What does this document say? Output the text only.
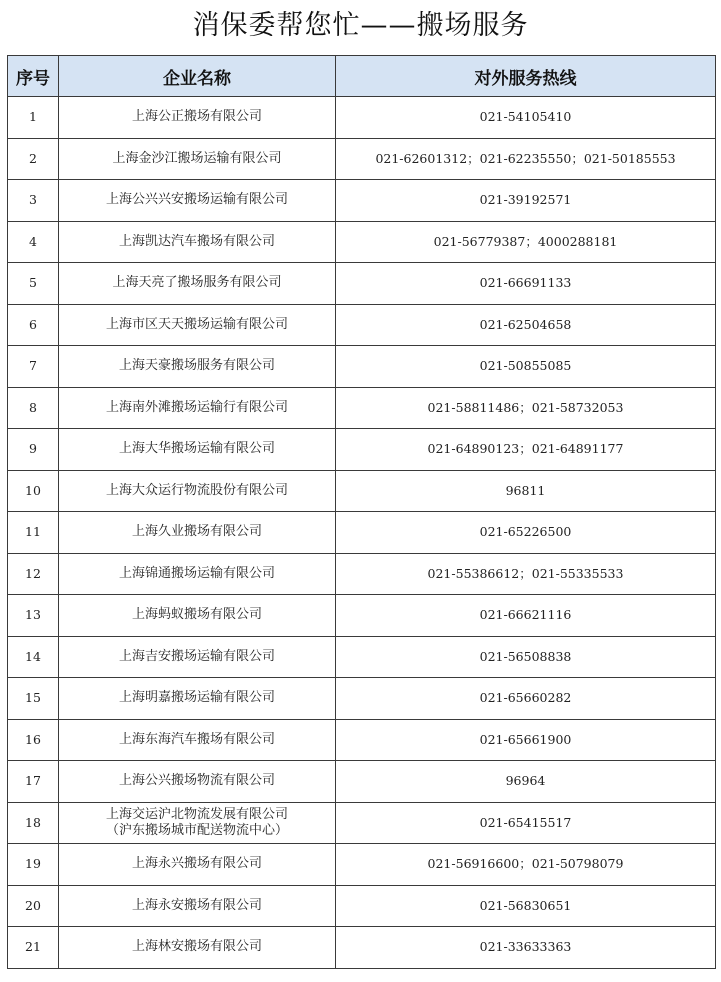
消保委帮您忙——搬场服务
序号	企业名称	对外服务热线
1	上海公正搬场有限公司	021-54105410
2	上海金沙江搬场运输有限公司	021-62601312；021-62235550；021-50185553
3	上海公兴兴安搬场运输有限公司	021-39192571
4	上海凯达汽车搬场有限公司	021-56779387；4000288181
5	上海天亮了搬场服务有限公司	021-66691133
6	上海市区天天搬场运输有限公司	021-62504658
7	上海天豪搬场服务有限公司	021-50855085
8	上海南外滩搬场运输行有限公司	021-58811486；021-58732053
9	上海大华搬场运输有限公司	021-64890123；021-64891177
10	上海大众运行物流股份有限公司	96811
11	上海久业搬场有限公司	021-65226500
12	上海锦通搬场运输有限公司	021-55386612；021-55335533
13	上海蚂蚁搬场有限公司	021-66621116
14	上海吉安搬场运输有限公司	021-56508838
15	上海明嘉搬场运输有限公司	021-65660282
16	上海东海汽车搬场有限公司	021-65661900
17	上海公兴搬场物流有限公司	96964
18	上海交运沪北物流发展有限公司
（沪东搬场城市配送物流中心）	021-65415517
19	上海永兴搬场有限公司	021-56916600；021-50798079
20	上海永安搬场有限公司	021-56830651
21	上海林安搬场有限公司	021-33633363
